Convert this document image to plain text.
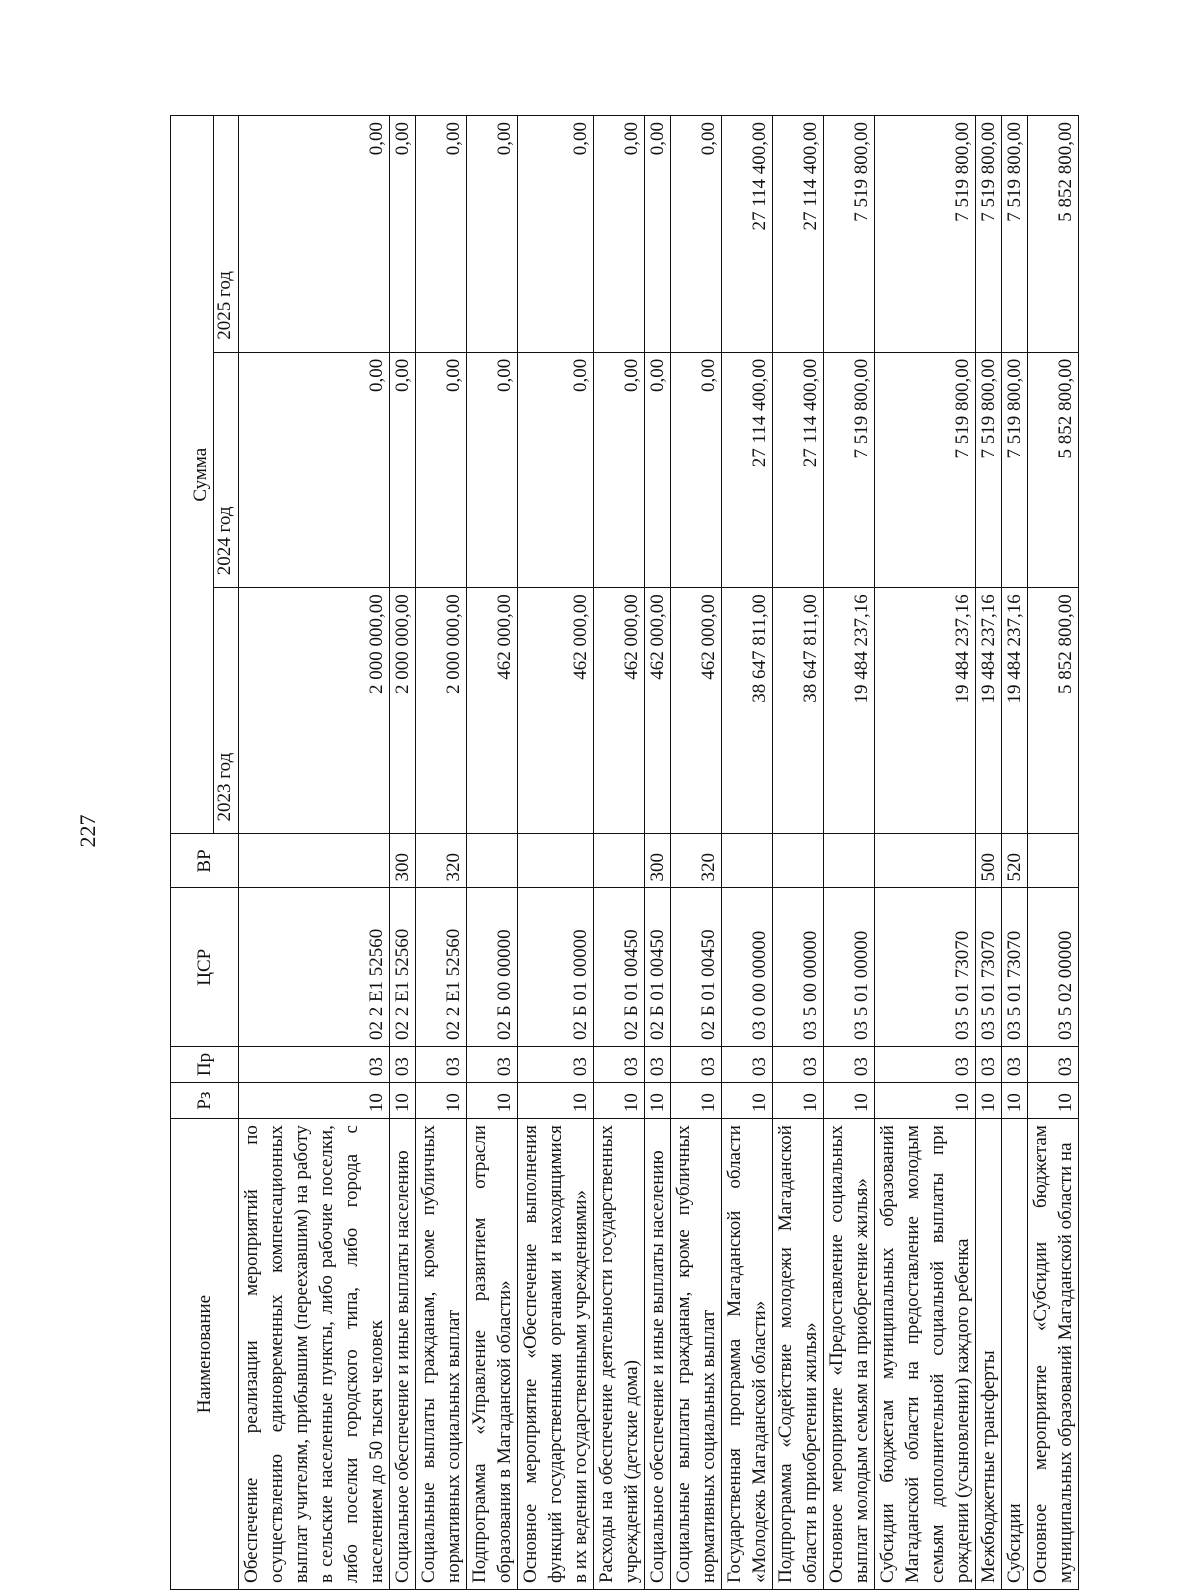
227
Наименование	Рз	Пр	ЦСР	ВР	Сумма		
					2023 год	2024 год	2025 год
Обеспечение реализации мероприятий по осуществлению единовременных компенсационных выплат учителям, прибывшим (переехавшим) на работу в сельские населенные пункты, либо рабочие поселки, либо поселки городского типа, либо города с населением до 50 тысяч человек	10	03	02 2 Е1 52560		2 000 000,00	0,00	0,00
Социальное обеспечение и иные выплаты населению	10	03	02 2 Е1 52560	300	2 000 000,00	0,00	0,00
Социальные выплаты гражданам, кроме публичных нормативных социальных выплат	10	03	02 2 Е1 52560	320	2 000 000,00	0,00	0,00
Подпрограмма «Управление развитием отрасли образования в Магаданской области»	10	03	02 Б 00 00000		462 000,00	0,00	0,00
Основное мероприятие «Обеспечение выполнения функций государственными органами и находящимися в их ведении государственными учреждениями»	10	03	02 Б 01 00000		462 000,00	0,00	0,00
Расходы на обеспечение деятельности государственных учреждений (детские дома)	10	03	02 Б 01 00450		462 000,00	0,00	0,00
Социальное обеспечение и иные выплаты населению	10	03	02 Б 01 00450	300	462 000,00	0,00	0,00
Социальные выплаты гражданам, кроме публичных нормативных социальных выплат	10	03	02 Б 01 00450	320	462 000,00	0,00	0,00
Государственная программа Магаданской области «Молодежь Магаданской области»	10	03	03 0 00 00000		38 647 811,00	27 114 400,00	27 114 400,00
Подпрограмма «Содействие молодежи Магаданской области в приобретении жилья»	10	03	03 5 00 00000		38 647 811,00	27 114 400,00	27 114 400,00
Основное мероприятие «Предоставление социальных выплат молодым семьям на приобретение жилья»	10	03	03 5 01 00000		19 484 237,16	7 519 800,00	7 519 800,00
Субсидии бюджетам муниципальных образований Магаданской области на предоставление молодым семьям дополнительной социальной выплаты при рождении (усыновлении) каждого ребенка	10	03	03 5 01 73070		19 484 237,16	7 519 800,00	7 519 800,00
Межбюджетные трансферты	10	03	03 5 01 73070	500	19 484 237,16	7 519 800,00	7 519 800,00
Субсидии	10	03	03 5 01 73070	520	19 484 237,16	7 519 800,00	7 519 800,00
Основное мероприятие «Субсидии бюджетам муниципальных образований Магаданской области на	10	03	03 5 02 00000		5 852 800,00	5 852 800,00	5 852 800,00
